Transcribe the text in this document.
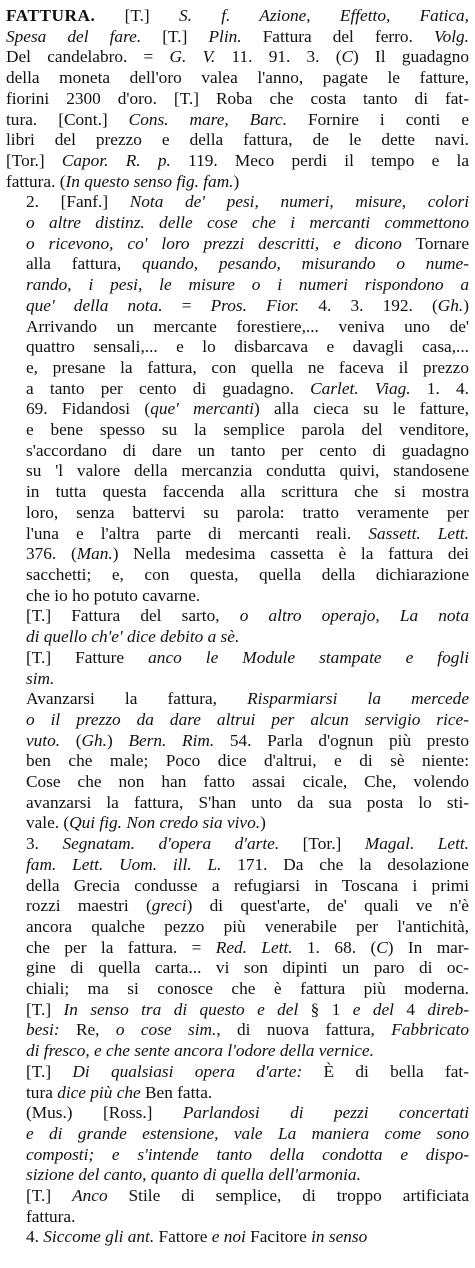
FATTURA. [T.] S. f. Azione, Effetto, Fatica,
Spesa del fare. [T.] Plin. Fattura del ferro. Volg.
Del candelabro. = G. V. 11. 91. 3. (C) Il guadagno
della moneta dell'oro valea l'anno, pagate le fatture,
fiorini 2300 d'oro. [T.] Roba che costa tanto di fat-
tura. [Cont.] Cons. mare, Barc. Fornire i conti e
libri del prezzo e della fattura, de le dette navi.
[Tor.] Capor. R. p. 119. Meco perdi il tempo e la
fattura. (In questo senso fig. fam.)
2. [Fanf.] Nota de' pesi, numeri, misure, colori
o altre distinz. delle cose che i mercanti commettono
o ricevono, co' loro prezzi descritti, e dicono Tornare
alla fattura, quando, pesando, misurando o nume-
rando, i pesi, le misure o i numeri rispondono a
que' della nota. = Pros. Fior. 4. 3. 192. (Gh.)
Arrivando un mercante forestiere,... veniva uno de'
quattro sensali,... e lo disbarcava e davagli casa,...
e, presane la fattura, con quella ne faceva il prezzo
a tanto per cento di guadagno. Carlet. Viag. 1. 4.
69. Fidandosi (que' mercanti) alla cieca su le fatture,
e bene spesso su la semplice parola del venditore,
s'accordano di dare un tanto per cento di guadagno
su 'l valore della mercanzia condutta quivi, standosene
in tutta questa faccenda alla scrittura che si mostra
loro, senza battervi su parola: tratto veramente per
l'una e l'altra parte di mercanti reali. Sassett. Lett.
376. (Man.) Nella medesima cassetta è la fattura dei
sacchetti; e, con questa, quella della dichiarazione
che io ho potuto cavarne.
[T.] Fattura del sarto, o altro operajo, La nota
di quello ch'e' dice debito a sè.
[T.] Fatture anco le Module stampate e fogli
sim.
Avanzarsi la fattura, Risparmiarsi la mercede
o il prezzo da dare altrui per alcun servigio rice-
vuto. (Gh.) Bern. Rim. 54. Parla d'ognun più presto
ben che male; Poco dice d'altrui, e di sè niente:
Cose che non han fatto assai cicale, Che, volendo
avanzarsi la fattura, S'han unto da sua posta lo sti-
vale. (Qui fig. Non credo sia vivo.)
3. Segnatam. d'opera d'arte. [Tor.] Magal. Lett.
fam. Lett. Uom. ill. L. 171. Da che la desolazione
della Grecia condusse a refugiarsi in Toscana i primi
rozzi maestri (greci) di quest'arte, de' quali ve n'è
ancora qualche pezzo più venerabile per l'antichità,
che per la fattura. = Red. Lett. 1. 68. (C) In mar-
gine di quella carta... vi son dipinti un paro di oc-
chiali; ma si conosce che è fattura più moderna.
[T.] In senso tra di questo e del § 1 e del 4 direb-
besi: Re, o cose sim., di nuova fattura, Fabbricato
di fresco, e che sente ancora l'odore della vernice.
[T.] Di qualsiasi opera d'arte: È di bella fat-
tura dice più che Ben fatta.
(Mus.) [Ross.] Parlandosi di pezzi concertati
e di grande estensione, vale La maniera come sono
composti; e s'intende tanto della condotta e dispo-
sizione del canto, quanto di quella dell'armonia.
[T.] Anco Stile di semplice, di troppo artificiata
fattura.
4. Siccome gli ant. Fattore e noi Facitore in senso
